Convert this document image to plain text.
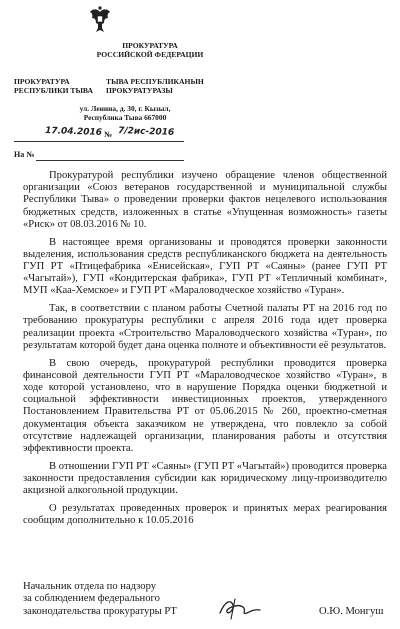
ПРОКУРАТУРА
РОССИЙСКОЙ ФЕДЕРАЦИИ
ПРОКУРАТУРА
РЕСПУБЛИКИ ТЫВА
ТЫВА РЕСПУБЛИКАНЫН
ПРОКУРАТУРАЗЫ
ул. Ленина, д. 30, г. Кызыл,
Республика Тыва 667000
17.04.2016 № 7/2ис-2016
На №

Прокуратурой республики изучено обращение членов общественной организации «Союз ветеранов государственной и муниципальной службы Республики Тыва» о проведении проверки фактов нецелевого использования бюджетных средств, изложенных в статье «Упущенная возможность» газеты «Риск» от 08.03.2016 № 10.

В настоящее время организованы и проводятся проверки законности выделения, использования средств республиканского бюджета на деятельность ГУП РТ «Птицефабрика «Енисейская», ГУП РТ «Саяны» (ранее ГУП РТ «Чагытай»), ГУП «Кондитерская фабрика», ГУП РТ «Тепличный комбинат», МУП «Каа-Хемское» и ГУП РТ «Мараловодческое хозяйство «Туран».

Так, в соответствии с планом работы Счетной палаты РТ на 2016 год по требованию прокуратуры республики с апреля 2016 года идет проверка реализации проекта «Строительство Мараловодческого хозяйства «Туран», по результатам которой будет дана оценка полноте и объективности её результатов.

В свою очередь, прокуратурой республики проводится проверка финансовой деятельности ГУП РТ «Мараловодческое хозяйство «Туран», в ходе которой установлено, что в нарушение Порядка оценки бюджетной и социальной эффективности инвестиционных проектов, утвержденного Постановлением Правительства РТ от 05.06.2015 № 260, проектно-сметная документация объекта заказчиком не утверждена, что повлекло за собой отсутствие надлежащей организации, планирования работы и отсутствия эффективности проекта.

В отношении ГУП РТ «Саяны» (ГУП РТ «Чагытай») проводится проверка законности предоставления субсидии как юридическому лицу-производителю акцизной алкогольной продукции.

О результатах проведенных проверок и принятых мерах реагирования сообщим дополнительно к 10.05.2016

Начальник отдела по надзору
за соблюдением федерального
законодательства прокуратуры РТ	О.Ю. Монгуш
